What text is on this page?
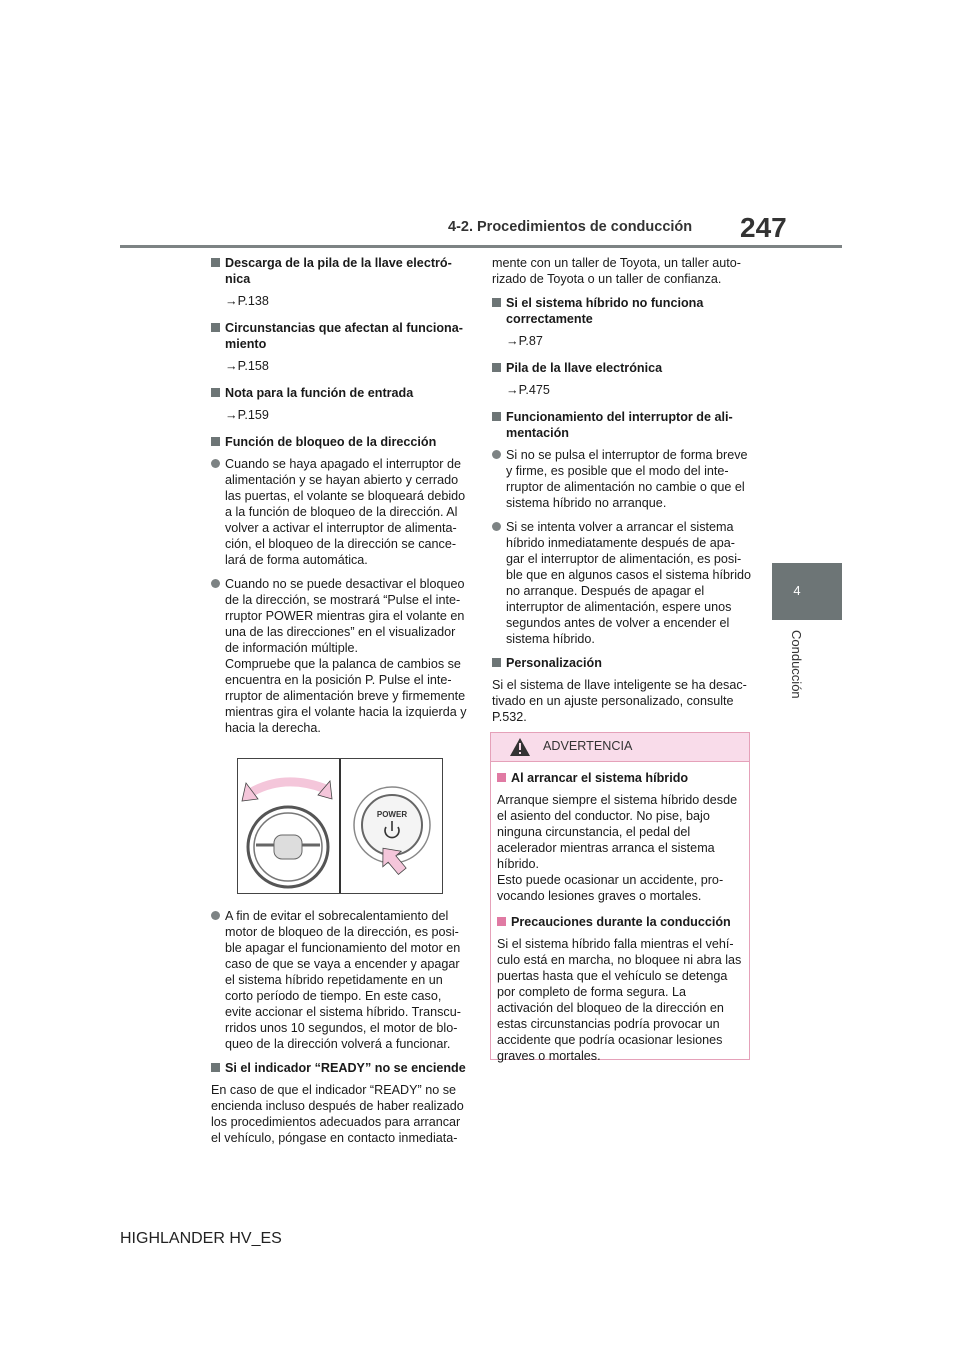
247
4-2. Procedimientos de conducción
4
Conducción
Descarga de la pila de la llave electró-nica
→P.138
Circunstancias que afectan al funciona-miento
→P.158
Nota para la función de entrada
→P.159
Función de bloqueo de la dirección
Cuando se haya apagado el interruptor de alimentación y se hayan abierto y cerrado las puertas, el volante se bloqueará debido a la función de bloqueo de la dirección. Al volver a activar el interruptor de alimenta-ción, el bloqueo de la dirección se cance-lará de forma automática.
Cuando no se puede desactivar el bloqueo de la dirección, se mostrará “Pulse el inte-rruptor POWER mientras gira el volante en una de las direcciones” en el visualizador de información múltiple.
Compruebe que la palanca de cambios se encuentra en la posición P. Pulse el inte-rruptor de alimentación breve y firmemente mientras gira el volante hacia la izquierda y hacia la derecha.
POWER
A fin de evitar el sobrecalentamiento del motor de bloqueo de la dirección, es posi-ble apagar el funcionamiento del motor en caso de que se vaya a encender y apagar el sistema híbrido repetidamente en un corto período de tiempo. En este caso, evite accionar el sistema híbrido. Transcu-rridos unos 10 segundos, el motor de blo-queo de la dirección volverá a funcionar.
Si el indicador “READY” no se enciende
En caso de que el indicador “READY” no se encienda incluso después de haber realizado los procedimientos adecuados para arrancar el vehículo, póngase en contacto inmediata-
mente con un taller de Toyota, un taller auto-rizado de Toyota o un taller de confianza.
Si el sistema híbrido no funciona correctamente
→P.87
Pila de la llave electrónica
→P.475
Funcionamiento del interruptor de ali-mentación
Si no se pulsa el interruptor de forma breve y firme, es posible que el modo del inte-rruptor de alimentación no cambie o que el sistema híbrido no arranque.
Si se intenta volver a arrancar el sistema híbrido inmediatamente después de apa-gar el interruptor de alimentación, es posi-ble que en algunos casos el sistema híbrido no arranque. Después de apagar el interruptor de alimentación, espere unos segundos antes de volver a encender el sistema híbrido.
Personalización
Si el sistema de llave inteligente se ha desac-tivado en un ajuste personalizado, consulte P.532.
ADVERTENCIA
Al arrancar el sistema híbrido
Arranque siempre el sistema híbrido desde el asiento del conductor. No pise, bajo ninguna circunstancia, el pedal del acelerador mientras arranca el sistema híbrido.
Esto puede ocasionar un accidente, pro-vocando lesiones graves o mortales.
Precauciones durante la conducción
Si el sistema híbrido falla mientras el vehí-culo está en marcha, no bloquee ni abra las puertas hasta que el vehículo se detenga por completo de forma segura. La activación del bloqueo de la dirección en estas circunstancias podría provocar un accidente que podría ocasionar lesiones graves o mortales.
HIGHLANDER HV_ES
